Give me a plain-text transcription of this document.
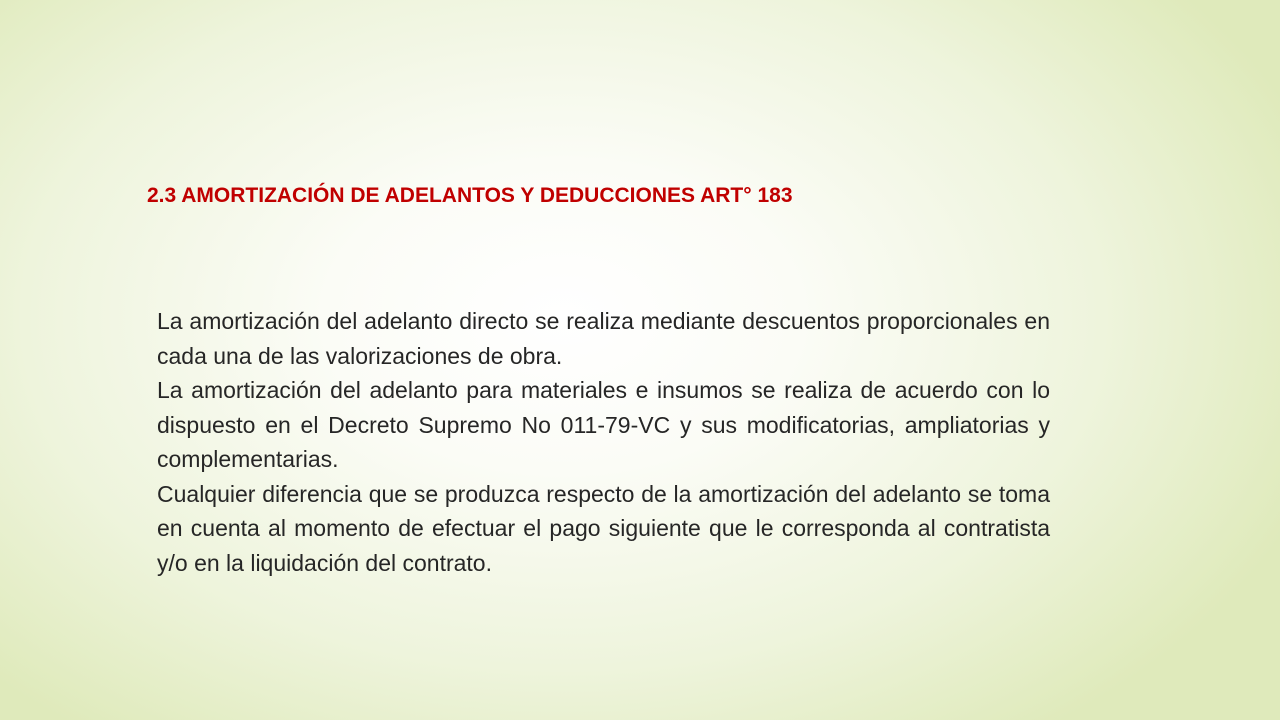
2.3 AMORTIZACIÓN DE ADELANTOS Y DEDUCCIONES ART° 183

La amortización del adelanto directo se realiza mediante descuentos proporcionales en cada una de las valorizaciones de obra.

La amortización del adelanto para materiales e insumos se realiza de acuerdo con lo dispuesto en el Decreto Supremo No 011-79-VC y sus modificatorias, ampliatorias y complementarias.

Cualquier diferencia que se produzca respecto de la amortización del adelanto se toma en cuenta al momento de efectuar el pago siguiente que le corresponda al contratista y/o en la liquidación del contrato.
